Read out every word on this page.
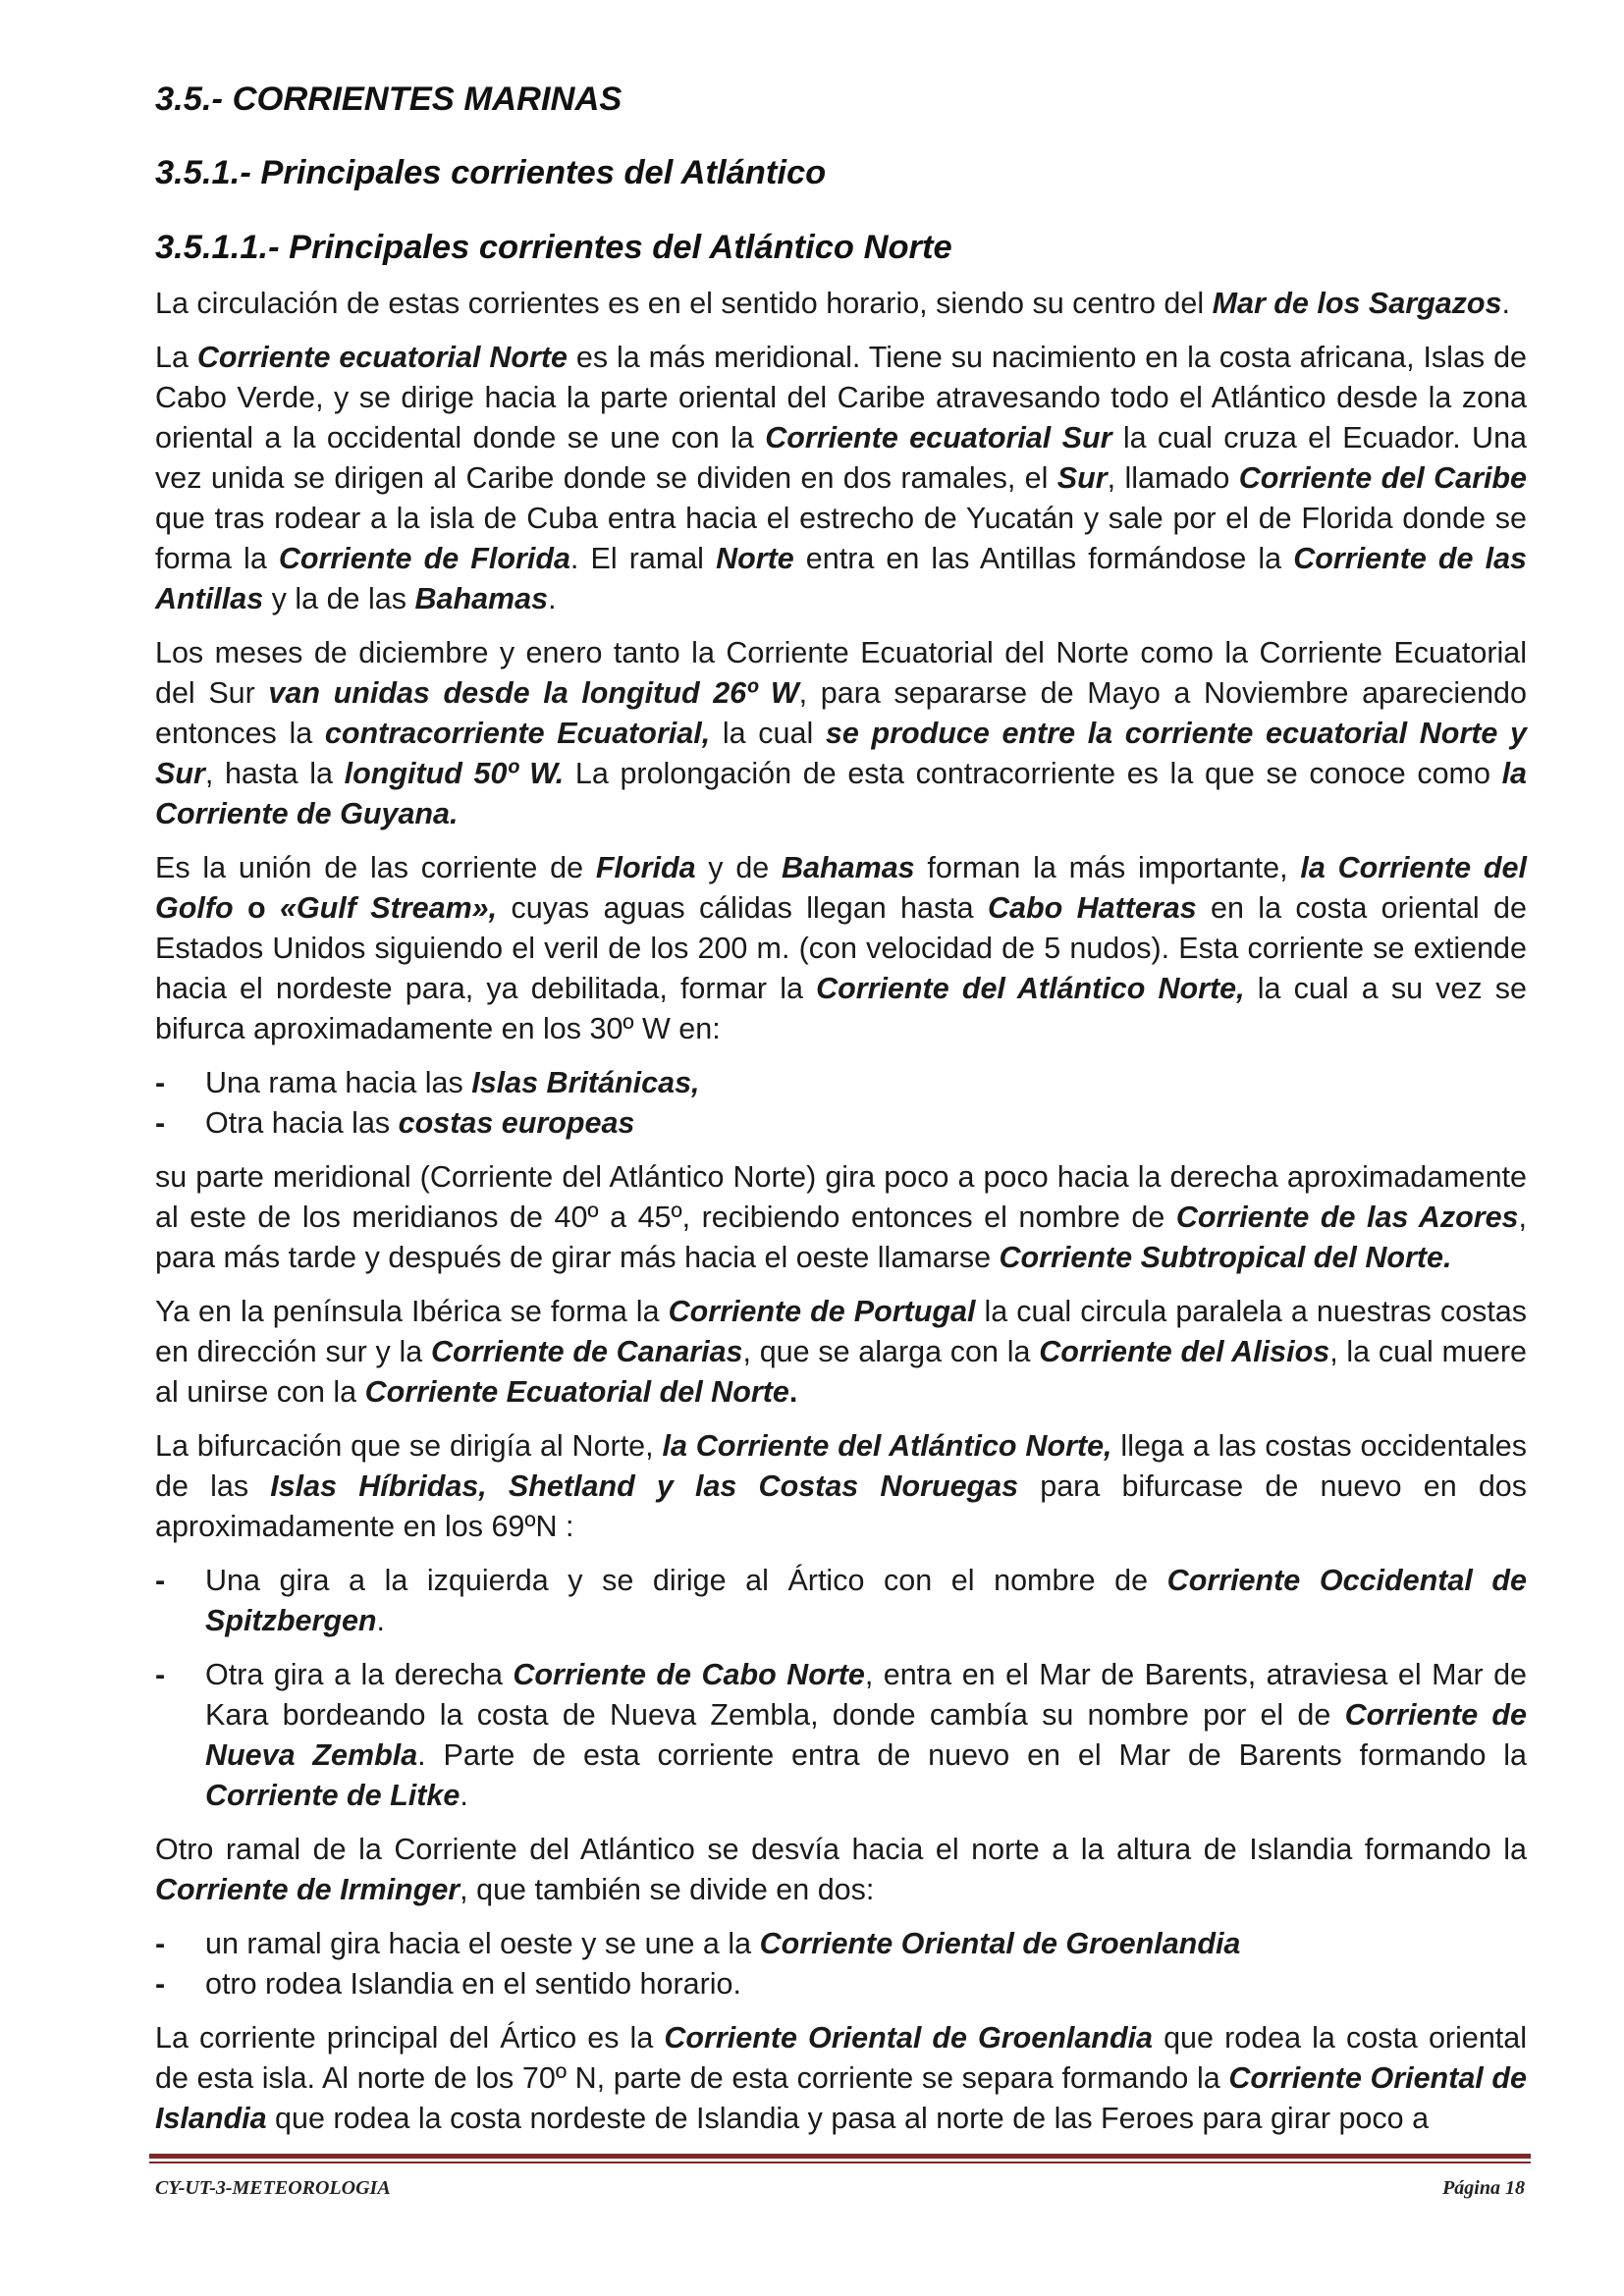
3.5.- CORRIENTES MARINAS
3.5.1.- Principales corrientes del Atlántico
3.5.1.1.- Principales corrientes del Atlántico Norte

La circulación de estas corrientes es en el sentido horario, siendo su centro del Mar de los Sargazos.

La Corriente ecuatorial Norte es la más meridional. Tiene su nacimiento en la costa africana, Islas de Cabo Verde, y se dirige hacia la parte oriental del Caribe atravesando todo el Atlántico desde la zona oriental a la occidental donde se une con la Corriente ecuatorial Sur la cual cruza el Ecuador. Una vez unida se dirigen al Caribe donde se dividen en dos ramales, el Sur, llamado Corriente del Caribe que tras rodear a la isla de Cuba entra hacia el estrecho de Yucatán y sale por el de Florida donde se forma la Corriente de Florida. El ramal Norte entra en las Antillas formándose la Corriente de las Antillas y la de las Bahamas.

Los meses de diciembre y enero tanto la Corriente Ecuatorial del Norte como la Corriente Ecuatorial del Sur van unidas desde la longitud 26º W, para separarse de Mayo a Noviembre apareciendo entonces la contracorriente Ecuatorial, la cual se produce entre la corriente ecuatorial Norte y Sur, hasta la longitud 50º W. La prolongación de esta contracorriente es la que se conoce como la Corriente de Guyana.

Es la unión de las corriente de Florida y de Bahamas forman la más importante, la Corriente del Golfo o «Gulf Stream», cuyas aguas cálidas llegan hasta Cabo Hatteras en la costa oriental de Estados Unidos siguiendo el veril de los 200 m. (con velocidad de 5 nudos). Esta corriente se extiende hacia el nordeste para, ya debilitada, formar la Corriente del Atlántico Norte, la cual a su vez se bifurca aproximadamente en los 30º W en:

- Una rama hacia las Islas Británicas,
- Otra hacia las costas europeas

su parte meridional (Corriente del Atlántico Norte) gira poco a poco hacia la derecha aproximadamente al este de los meridianos de 40º a 45º, recibiendo entonces el nombre de Corriente de las Azores, para más tarde y después de girar más hacia el oeste llamarse Corriente Subtropical del Norte.

Ya en la península Ibérica se forma la Corriente de Portugal la cual circula paralela a nuestras costas en dirección sur y la Corriente de Canarias, que se alarga con la Corriente del Alisios, la cual muere al unirse con la Corriente Ecuatorial del Norte.

La bifurcación que se dirigía al Norte, la Corriente del Atlántico Norte, llega a las costas occidentales de las Islas Híbridas, Shetland y las Costas Noruegas para bifurcase de nuevo en dos aproximadamente en los 69ºN :

- Una gira a la izquierda y se dirige al Ártico con el nombre de Corriente Occidental de Spitzbergen.
- Otra gira a la derecha Corriente de Cabo Norte, entra en el Mar de Barents, atraviesa el Mar de Kara bordeando la costa de Nueva Zembla, donde cambía su nombre por el de Corriente de Nueva Zembla. Parte de esta corriente entra de nuevo en el Mar de Barents formando la Corriente de Litke.

Otro ramal de la Corriente del Atlántico se desvía hacia el norte a la altura de Islandia formando la Corriente de Irminger, que también se divide en dos:

- un ramal gira hacia el oeste y se une a la Corriente Oriental de Groenlandia
- otro rodea Islandia en el sentido horario.

La corriente principal del Ártico es la Corriente Oriental de Groenlandia que rodea la costa oriental de esta isla. Al norte de los 70º N, parte de esta corriente se separa formando la Corriente Oriental de Islandia que rodea la costa nordeste de Islandia y pasa al norte de las Feroes para girar poco a

CY-UT-3-METEOROLOGIA	Página 18
